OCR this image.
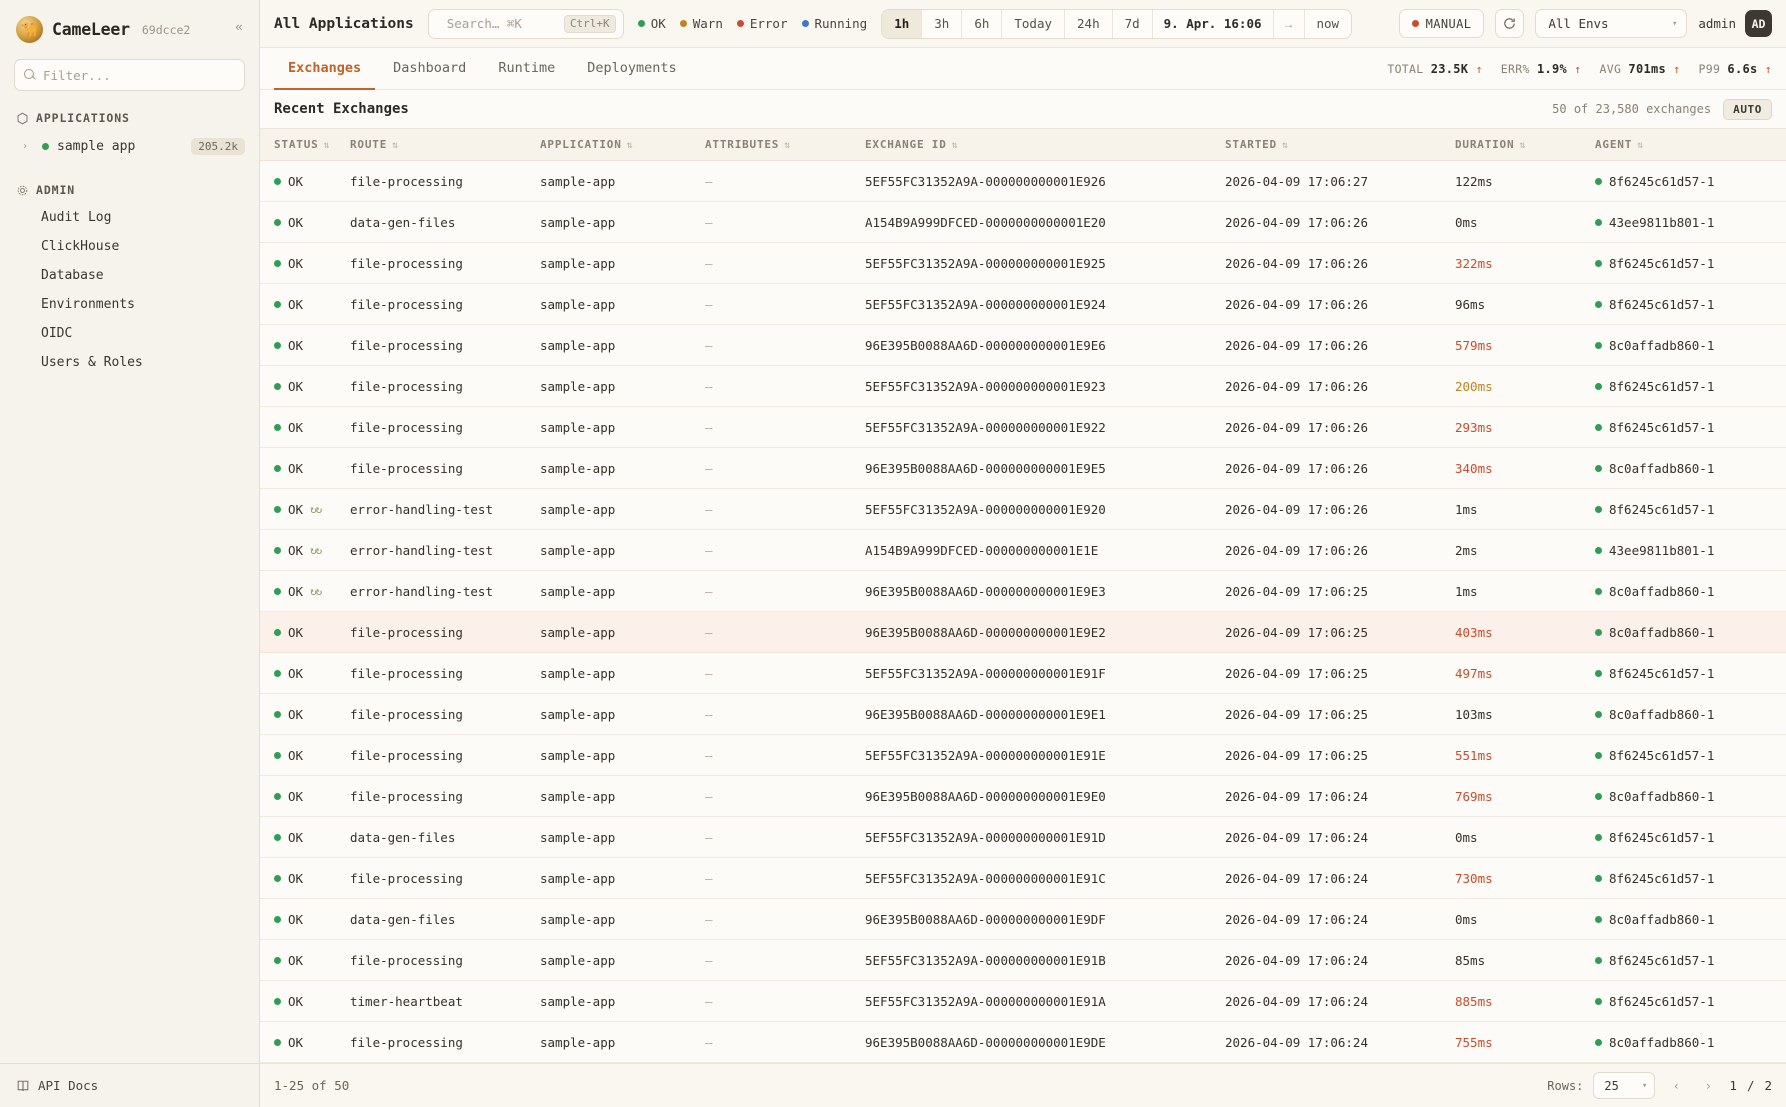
🐪 CameLeer 69dcce2	«
Filter...
APPLICATIONS
›	sample app	205.2k
ADMIN
Audit Log
ClickHouse
Database
Environments
OIDC
Users & Roles
API Docs
All Applications	Search… ⌘K	Ctrl+K	OK Warn Error Running	1h	3h	6h	Today	24h	7d	9. Apr. 16:06	→	now	MANUAL	All Envs	▾ admin	AD
Exchanges	Dashboard	Runtime	Deployments	TOTAL 23.5K ↑ ERR% 1.9% ↑ AVG 701ms ↑ P99 6.6s ↑
Recent Exchanges	50 of 23,580 exchanges	AUTO
STATUS ⇅	ROUTE ⇅	APPLICATION ⇅	ATTRIBUTES ⇅	EXCHANGE ID ⇅	STARTED ⇅	DURATION ⇅	AGENT ⇅

OK	file-processing	sample-app	—	5EF55FC31352A9A-000000000001E926	2026-04-09 17:06:27	122ms	8f6245c61d57-1

OK	data-gen-files	sample-app	—	A154B9A999DFCED-0000000000001E20	2026-04-09 17:06:26	0ms	43ee9811b801-1

OK	file-processing	sample-app	—	5EF55FC31352A9A-000000000001E925	2026-04-09 17:06:26	322ms	8f6245c61d57-1

OK	file-processing	sample-app	—	5EF55FC31352A9A-000000000001E924	2026-04-09 17:06:26	96ms	8f6245c61d57-1

OK	file-processing	sample-app	—	96E395B0088AA6D-000000000001E9E6	2026-04-09 17:06:26	579ms	8c0affadb860-1

OK	file-processing	sample-app	—	5EF55FC31352A9A-000000000001E923	2026-04-09 17:06:26	200ms	8f6245c61d57-1

OK	file-processing	sample-app	—	5EF55FC31352A9A-000000000001E922	2026-04-09 17:06:26	293ms	8f6245c61d57-1

OK	file-processing	sample-app	—	96E395B0088AA6D-000000000001E9E5	2026-04-09 17:06:26	340ms	8c0affadb860-1

OK ↻↻	error-handling-test	sample-app	—	5EF55FC31352A9A-000000000001E920	2026-04-09 17:06:26	1ms	8f6245c61d57-1

OK ↻↻	error-handling-test	sample-app	—	A154B9A999DFCED-000000000001E1E	2026-04-09 17:06:26	2ms	43ee9811b801-1

OK ↻↻	error-handling-test	sample-app	—	96E395B0088AA6D-000000000001E9E3	2026-04-09 17:06:25	1ms	8c0affadb860-1

OK	file-processing	sample-app	—	96E395B0088AA6D-000000000001E9E2	2026-04-09 17:06:25	403ms	8c0affadb860-1

OK	file-processing	sample-app	—	5EF55FC31352A9A-000000000001E91F	2026-04-09 17:06:25	497ms	8f6245c61d57-1

OK	file-processing	sample-app	—	96E395B0088AA6D-000000000001E9E1	2026-04-09 17:06:25	103ms	8c0affadb860-1

OK	file-processing	sample-app	—	5EF55FC31352A9A-000000000001E91E	2026-04-09 17:06:25	551ms	8f6245c61d57-1

OK	file-processing	sample-app	—	96E395B0088AA6D-000000000001E9E0	2026-04-09 17:06:24	769ms	8c0affadb860-1

OK	data-gen-files	sample-app	—	5EF55FC31352A9A-000000000001E91D	2026-04-09 17:06:24	0ms	8f6245c61d57-1

OK	file-processing	sample-app	—	5EF55FC31352A9A-000000000001E91C	2026-04-09 17:06:24	730ms	8f6245c61d57-1

OK	data-gen-files	sample-app	—	96E395B0088AA6D-000000000001E9DF	2026-04-09 17:06:24	0ms	8c0affadb860-1

OK	file-processing	sample-app	—	5EF55FC31352A9A-000000000001E91B	2026-04-09 17:06:24	85ms	8f6245c61d57-1

OK	timer-heartbeat	sample-app	—	5EF55FC31352A9A-000000000001E91A	2026-04-09 17:06:24	885ms	8f6245c61d57-1

OK	file-processing	sample-app	—	96E395B0088AA6D-000000000001E9DE	2026-04-09 17:06:24	755ms	8c0affadb860-1
1-25 of 50	Rows: 25	▾	‹	›	1 / 2
